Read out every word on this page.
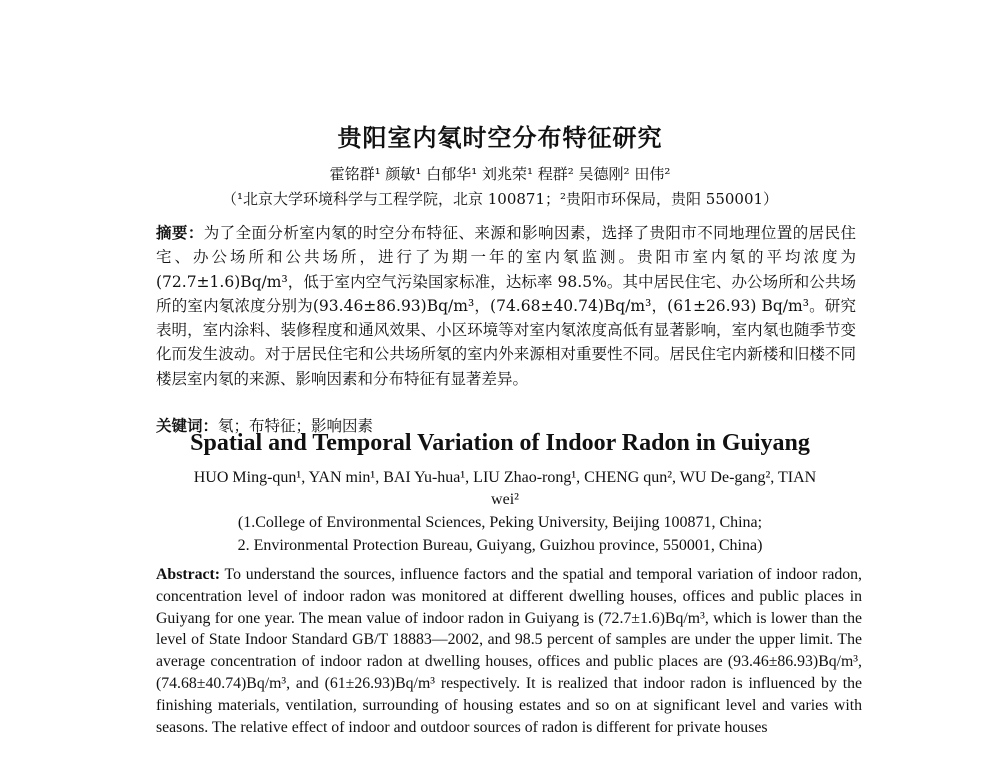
贵阳室内氡时空分布特征研究
霍铭群¹ 颜敏¹ 白郁华¹ 刘兆荣¹ 程群² 吴德刚² 田伟²
（¹北京大学环境科学与工程学院，北京 100871；²贵阳市环保局，贵阳 550001）
摘要：为了全面分析室内氡的时空分布特征、来源和影响因素，选择了贵阳市不同地理位置的居民住宅、办公场所和公共场所，进行了为期一年的室内氡监测。贵阳市室内氡的平均浓度为(72.7±1.6)Bq/m³，低于室内空气污染国家标准，达标率 98.5%。其中居民住宅、办公场所和公共场所的室内氡浓度分别为(93.46±86.93)Bq/m³，(74.68±40.74)Bq/m³，(61±26.93) Bq/m³。研究表明，室内涂料、装修程度和通风效果、小区环境等对室内氡浓度高低有显著影响，室内氡也随季节变化而发生波动。对于居民住宅和公共场所氡的室内外来源相对重要性不同。居民住宅内新楼和旧楼不同楼层室内氡的来源、影响因素和分布特征有显著差异。
关键词：氡；布特征；影响因素
Spatial and Temporal Variation of Indoor Radon in Guiyang
HUO Ming-qun¹, YAN min¹, BAI Yu-hua¹, LIU Zhao-rong¹, CHENG qun², WU De-gang², TIAN
wei²
(1.College of Environmental Sciences, Peking University, Beijing 100871, China;
2. Environmental Protection Bureau, Guiyang, Guizhou province, 550001, China)
Abstract: To understand the sources, influence factors and the spatial and temporal variation of indoor radon, concentration level of indoor radon was monitored at different dwelling houses, offices and public places in Guiyang for one year. The mean value of indoor radon in Guiyang is (72.7±1.6)Bq/m³, which is lower than the level of State Indoor Standard GB/T 18883—2002, and 98.5 percent of samples are under the upper limit. The average concentration of indoor radon at dwelling houses, offices and public places are (93.46±86.93)Bq/m³, (74.68±40.74)Bq/m³, and (61±26.93)Bq/m³ respectively. It is realized that indoor radon is influenced by the finishing materials, ventilation, surrounding of housing estates and so on at significant level and varies with seasons. The relative effect of indoor and outdoor sources of radon is different for private houses
